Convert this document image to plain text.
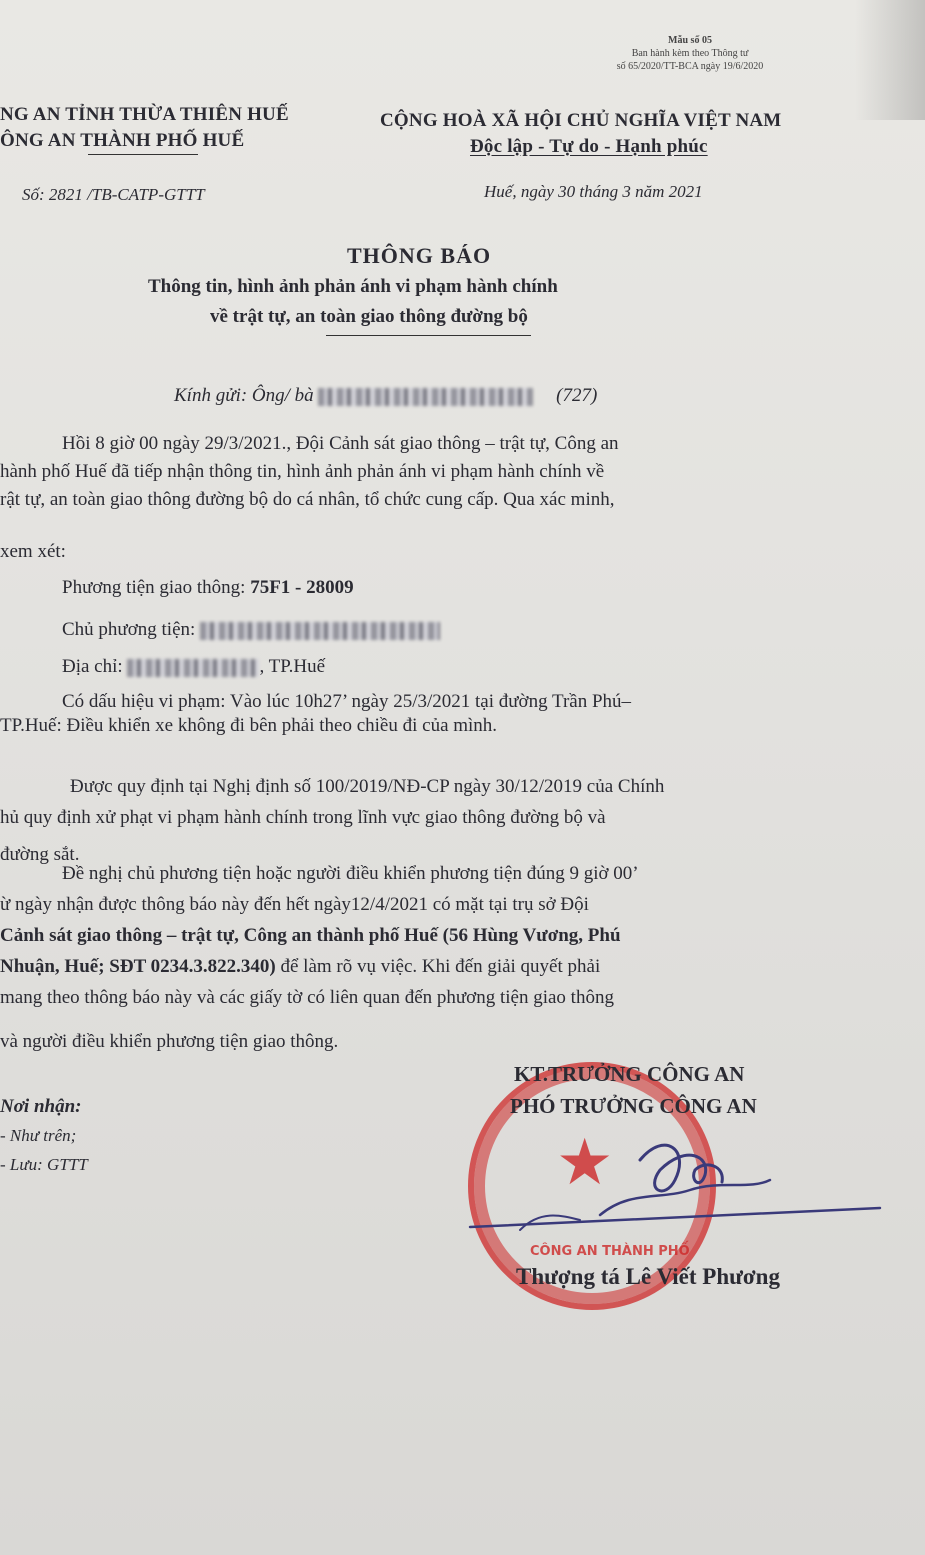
Mẫu số 05
Ban hành kèm theo Thông tư
số 65/2020/TT-BCA ngày 19/6/2020
NG AN TỈNH THỪA THIÊN HUẾ
ÔNG AN THÀNH PHỐ HUẾ
CỘNG HOÀ XÃ HỘI CHỦ NGHĨA VIỆT NAM
Độc lập - Tự do - Hạnh phúc
Số: 2821 /TB-CATP-GTTT	Huế, ngày 30 tháng 3 năm 2021
THÔNG BÁO
Thông tin, hình ảnh phản ánh vi phạm hành chính
về trật tự, an toàn giao thông đường bộ
Kính gửi: Ông/ bà	(727)
Hồi 8 giờ 00 ngày 29/3/2021., Đội Cảnh sát giao thông – trật tự, Công an
hành phố Huế đã tiếp nhận thông tin, hình ảnh phản ánh vi phạm hành chính về
rật tự, an toàn giao thông đường bộ do cá nhân, tổ chức cung cấp. Qua xác minh,
xem xét:
Phương tiện giao thông: 75F1 - 28009
Chủ phương tiện:
Địa chỉ:	, TP.Huế
Có dấu hiệu vi phạm: Vào lúc 10h27’ ngày 25/3/2021 tại đường Trần Phú–
TP.Huế: Điều khiển xe không đi bên phải theo chiều đi của mình.
Được quy định tại Nghị định số 100/2019/NĐ-CP ngày 30/12/2019 của Chính
hủ quy định xử phạt vi phạm hành chính trong lĩnh vực giao thông đường bộ và
đường sắt.
Đề nghị chủ phương tiện hoặc người điều khiển phương tiện đúng 9 giờ 00’
ừ ngày nhận được thông báo này đến hết ngày12/4/2021 có mặt tại trụ sở Đội
Cảnh sát giao thông – trật tự, Công an thành phố Huế (56 Hùng Vương, Phú
Nhuận, Huế; SĐT 0234.3.822.340) để làm rõ vụ việc. Khi đến giải quyết phải
mang theo thông báo này và các giấy tờ có liên quan đến phương tiện giao thông
và người điều khiển phương tiện giao thông.
Nơi nhận:
- Như trên;
- Lưu: GTTT	★
CÔNG AN THÀNH PHỐ
KT.TRƯỞNG CÔNG AN
PHÓ TRƯỞNG CÔNG AN
Thượng tá Lê Viết Phương
